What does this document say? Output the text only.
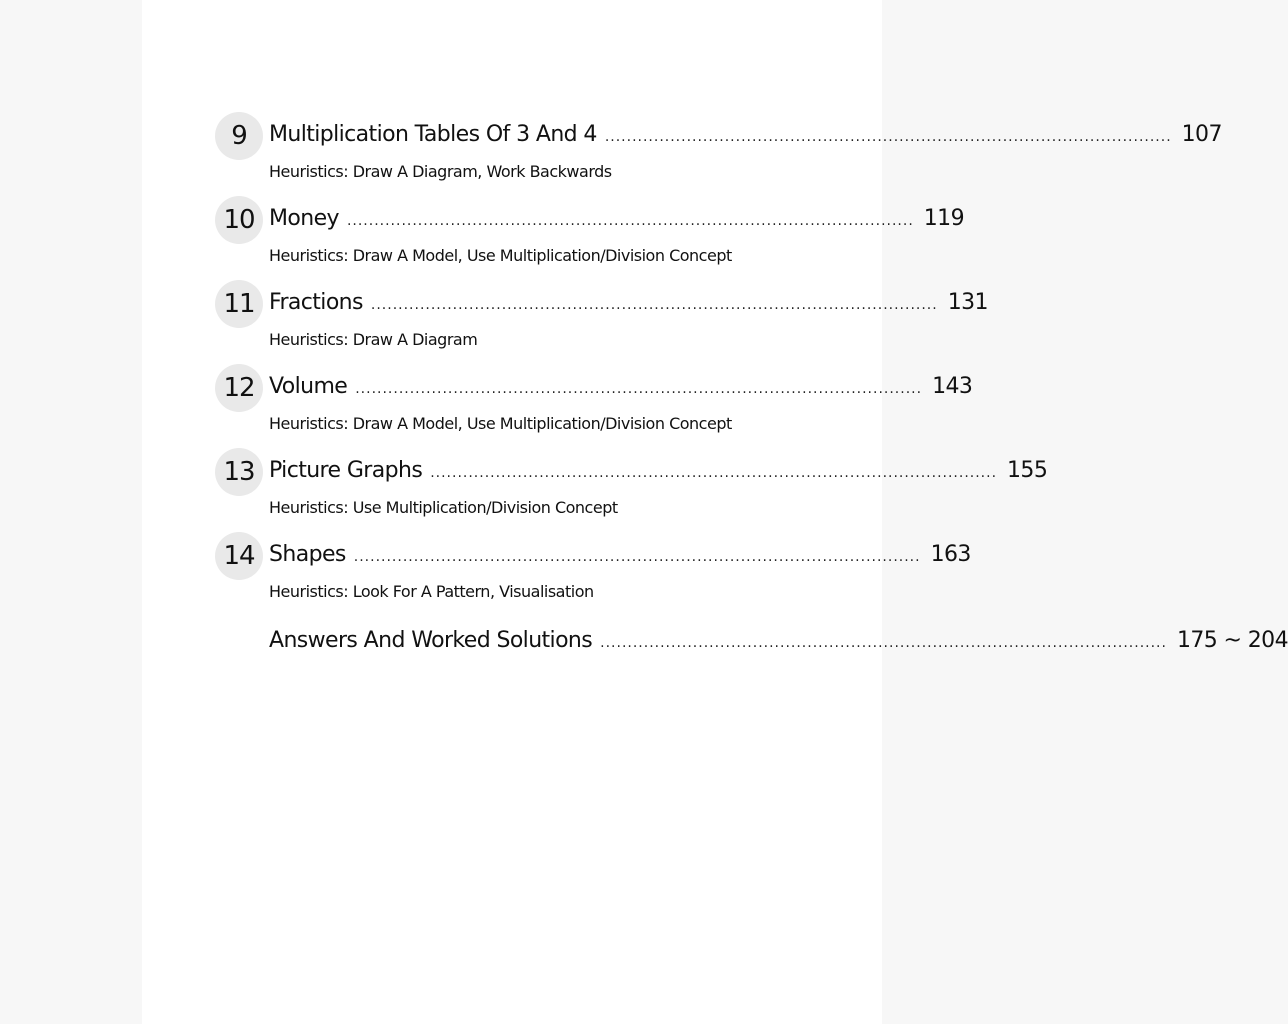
9	Multiplication Tables Of 3 And 4 ........................................................................................................ 107
Heuristics: Draw A Diagram, Work Backwards
10 Money ........................................................................................................ 119
Heuristics: Draw A Model, Use Multiplication/Division Concept
11 Fractions ........................................................................................................ 131
Heuristics: Draw A Diagram
12 Volume ........................................................................................................ 143
Heuristics: Draw A Model, Use Multiplication/Division Concept
13 Picture Graphs ........................................................................................................ 155
Heuristics: Use Multiplication/Division Concept
14 Shapes ........................................................................................................ 163
Heuristics: Look For A Pattern, Visualisation
Answers And Worked Solutions ........................................................................................................ 175 ~ 204
